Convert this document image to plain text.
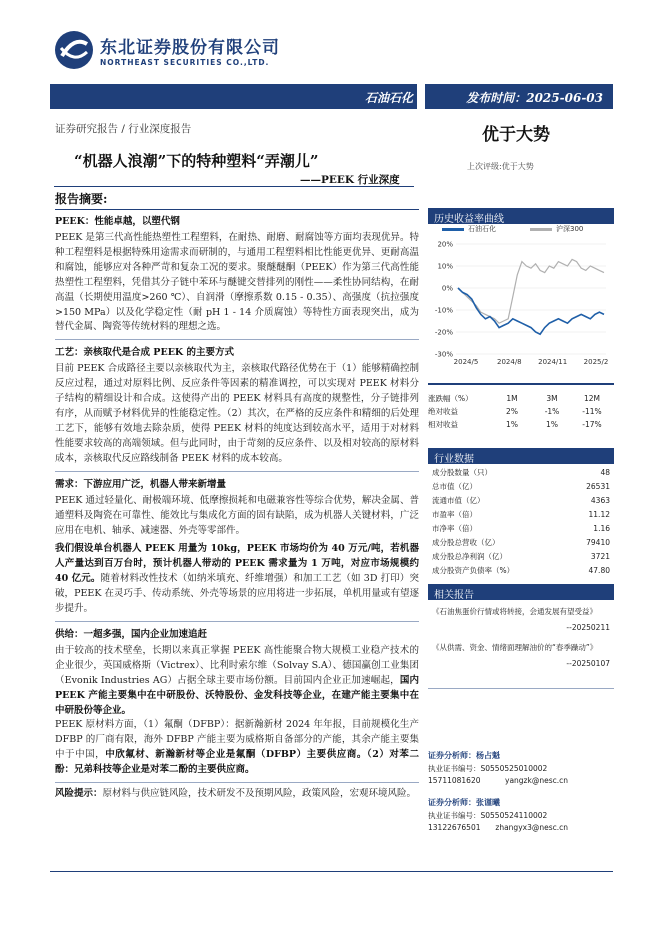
东北证券股份有限公司
NORTHEAST SECURITIES CO.,LTD.
石油石化	发布时间：2025-06-03
证券研究报告 / 行业深度报告	优于大势
上次评级:优于大势
“机器人浪潮”下的特种塑料“弄潮儿”
——PEEK 行业深度
报告摘要:
PEEK：性能卓越，以塑代钢
PEEK 是第三代高性能热塑性工程塑料，在耐热、耐磨、耐腐蚀等方面均表现优异。特种工程塑料是根据特殊用途需求而研制的，与通用工程塑料相比性能更优异、更耐高温和腐蚀，能够应对各种严苛和复杂工况的要求。聚醚醚酮（PEEK）作为第三代高性能热塑性工程塑料，凭借其分子链中苯环与醚键交替排列的刚性——柔性协同结构，在耐高温（长期使用温度>260 ℃）、自润滑（摩擦系数 0.15 - 0.35）、高强度（抗拉强度>150 MPa）以及化学稳定性（耐 pH 1 - 14 介质腐蚀）等特性方面表现突出，成为替代金属、陶瓷等传统材料的理想之选。
工艺：亲核取代是合成 PEEK 的主要方式
目前 PEEK 合成路径主要以亲核取代为主，亲核取代路径优势在于（1）能够精确控制反应过程，通过对原料比例、反应条件等因素的精准调控，可以实现对 PEEK 材料分子结构的精细设计和合成。这使得产出的 PEEK 材料具有高度的规整性，分子链排列有序，从而赋予材料优异的性能稳定性。（2）其次，在严格的反应条件和精细的后处理工艺下，能够有效地去除杂质，使得 PEEK 材料的纯度达到较高水平，适用于对材料性能要求较高的高端领域。但与此同时，由于苛刻的反应条件、以及相对较高的原材料成本，亲核取代反应路线制备 PEEK 材料的成本较高。
需求：下游应用广泛，机器人带来新增量
PEEK 通过轻量化、耐极端环境、低摩擦损耗和电磁兼容性等综合优势，解决金属、普通塑料及陶瓷在可靠性、能效比与集成化方面的固有缺陷，成为机器人关键材料，广泛应用在电机、轴承、减速器、外壳等零部件。
我们假设单台机器人 PEEK 用量为 10kg，PEEK 市场均价为 40 万元/吨，若机器人产量达到百万台时，预计机器人带动的 PEEK 需求量为 1 万吨，对应市场规模约 40 亿元。随着材料改性技术（如纳米填充、纤维增强）和加工工艺（如 3D 打印）突破，PEEK 在灵巧手、传动系统、外壳等场景的应用将进一步拓展，单机用量或有望逐步提升。
供给：一超多强，国内企业加速追赶
由于较高的技术壁垒，长期以来真正掌握 PEEK 高性能聚合物大规模工业稳产技术的企业很少，英国威格斯（Victrex）、比利时索尔维（Solvay S.A）、德国赢创工业集团（Evonik Industries AG）占据全球主要市场份额。目前国内企业正加速崛起，国内 PEEK 产能主要集中在中研股份、沃特股份、金发科技等企业，在建产能主要集中在中研股份等企业。
PEEK 原材料方面，（1）氟酮（DFBP）：据新瀚新材 2024 年年报，目前规模化生产 DFBP 的厂商有限，海外 DFBP 产能主要为威格斯自备部分的产能，其余产能主要集中于中国，中欣氟材、新瀚新材等企业是氟酮（DFBP）主要供应商。（2）对苯二酚：兄弟科技等企业是对苯二酚的主要供应商。
风险提示：原材料与供应链风险，技术研发不及预期风险，政策风险，宏观环境风险。
历史收益率曲线
石油石化	沪深300
20%
10%
0%
-10%
-20%
-30%
2024/5	2024/8 2024/11 2025/2
涨跌幅（%）	1M	3M	12M
绝对收益	2%	-1%	-11%
相对收益	1%	1%	-17%
行业数据
成分股数量（只）	48
总市值（亿）	26531
流通市值（亿）	4363
市盈率（倍）	11.12
市净率（倍）	1.16
成分股总营收（亿）	79410
成分股总净利润（亿）	3721
成分股资产负债率（%）	47.80
相关报告
《石油焦蛋价行情或将转接，会通发展有望受益》
--20250211
《从供需、资金、情绪面理解油价的“春季躁动”》
--20250107
证券分析师：杨占魁
执业证书编号：S0550525010002
15711081620	yangzk@nesc.cn
证券分析师：张谨曦
执业证书编号：S0550524110002
13122676501 zhangyx3@nesc.cn
